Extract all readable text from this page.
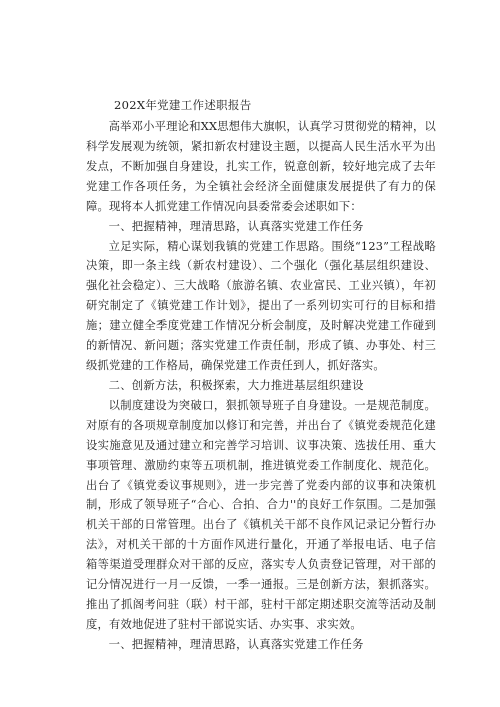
202X年党建工作述职报告

高举邓小平理论和XX思想伟大旗帜，认真学习贯彻党的精神，以科学发展观为统领，紧扣新农村建设主题，以提高人民生活水平为出发点，不断加强自身建设，扎实工作，锐意创新，较好地完成了去年党建工作各项任务，为全镇社会经济全面健康发展提供了有力的保障。现将本人抓党建工作情况向县委常委会述职如下：

一、把握精神，理清思路，认真落实党建工作任务

立足实际，精心谋划我镇的党建工作思路。围绕“123”工程战略决策，即一条主线（新农村建设）、二个强化（强化基层组织建设、强化社会稳定）、三大战略（旅游名镇、农业富民、工业兴镇），年初研究制定了《镇党建工作计划》，提出了一系列切实可行的目标和措施；建立健全季度党建工作情况分析会制度，及时解决党建工作碰到的新情况、新问题；落实党建工作责任制，形成了镇、办事处、村三级抓党建的工作格局，确保党建工作责任到人，抓好落实。

二、创新方法，积极探索，大力推进基层组织建设

以制度建设为突破口，狠抓领导班子自身建设。一是规范制度。对原有的各项规章制度加以修订和完善，并出台了《镇党委规范化建设实施意见及通过建立和完善学习培训、议事决策、选拔任用、重大事项管理、激励约束等五项机制，推进镇党委工作制度化、规范化。出台了《镇党委议事规则》，进一步完善了党委内部的议事和决策机制，形成了领导班子“合心、合拍、合力''的良好工作氛围。二是加强机关干部的日常管理。出台了《镇机关干部不良作风记录记分暂行办法》，对机关干部的十方面作风进行量化，开通了举报电话、电子信箱等渠道受理群众对干部的反应，落实专人负责登记管理，对干部的记分情况进行一月一反馈，一季一通报。三是创新方法，狠抓落实。推出了抓阁考问驻（联）村干部，驻村干部定期述职交流等活动及制度，有效地促进了驻村干部说实话、办实事、求实效。

一、把握精神，理清思路，认真落实党建工作任务
